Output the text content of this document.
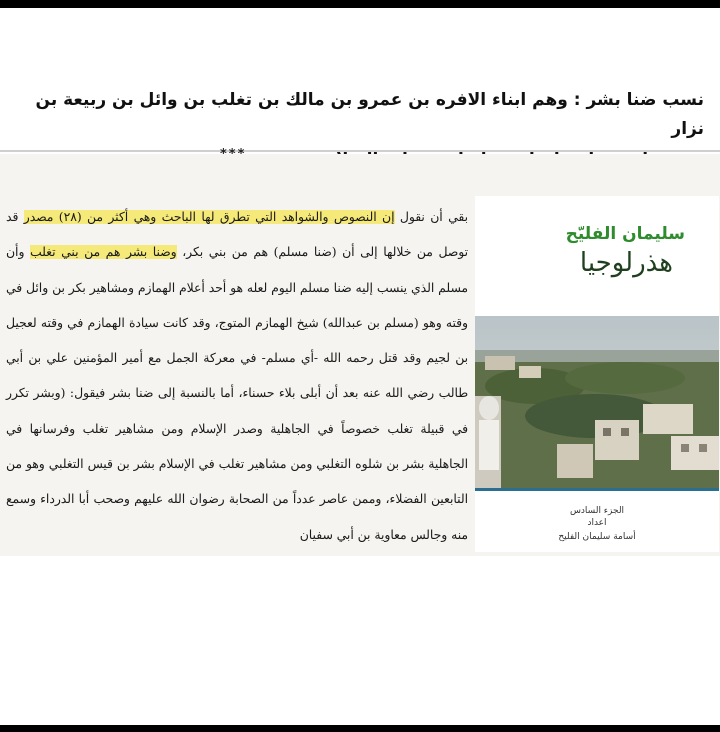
نسب ضنا بشر : وهم ابناء الافره بن عمرو بن مالك بن تغلب بن وائل بن ربيعة بن نزار
بقي أن نقول إن النصوص والشواهد التي تطرق لها الباحث وهي أكثر من (٢٨) مصدر قد توصل من خلالها إلى أن (ضنا مسلم) هم من بني بكر، وضنا بشر هم من بني تغلب وأن مسلم الذي ينسب إليه ضنا مسلم اليوم لعله هو أحد أعلام الهمازم ومشاهير بكر بن وائل في وقته وهو (مسلم بن عبدالله) شيخ الهمازم المتوج، وقد كانت سيادة الهمازم في وقته لعجيل بن لجيم وقد قتل رحمه الله -أي مسلم- في معركة الجمل مع أمير المؤمنين علي بن أبي طالب رضي الله عنه بعد أن أبلى بلاء حسناء، أما بالنسبة إلى ضنا بشر فيقول: (وبشر تكرر في قبيلة تغلب خصوصاً في الجاهلية وصدر الإسلام ومن مشاهير تغلب وفرسانها في الجاهلية بشر بن شلوه التغلبي ومن مشاهير تغلب في الإسلام بشر بن قيس التغلبي وهو من التابعين الفضلاء، وممن عاصر عدداً من الصحابة رضوان الله عليهم وصحب أبا الدرداء وسمع منه وجالس معاوية بن أبي سفيان
سليمان الفليّح
هذرلوجيا
الجزء السادس
اعداد
أسامة سليمان الفليح
